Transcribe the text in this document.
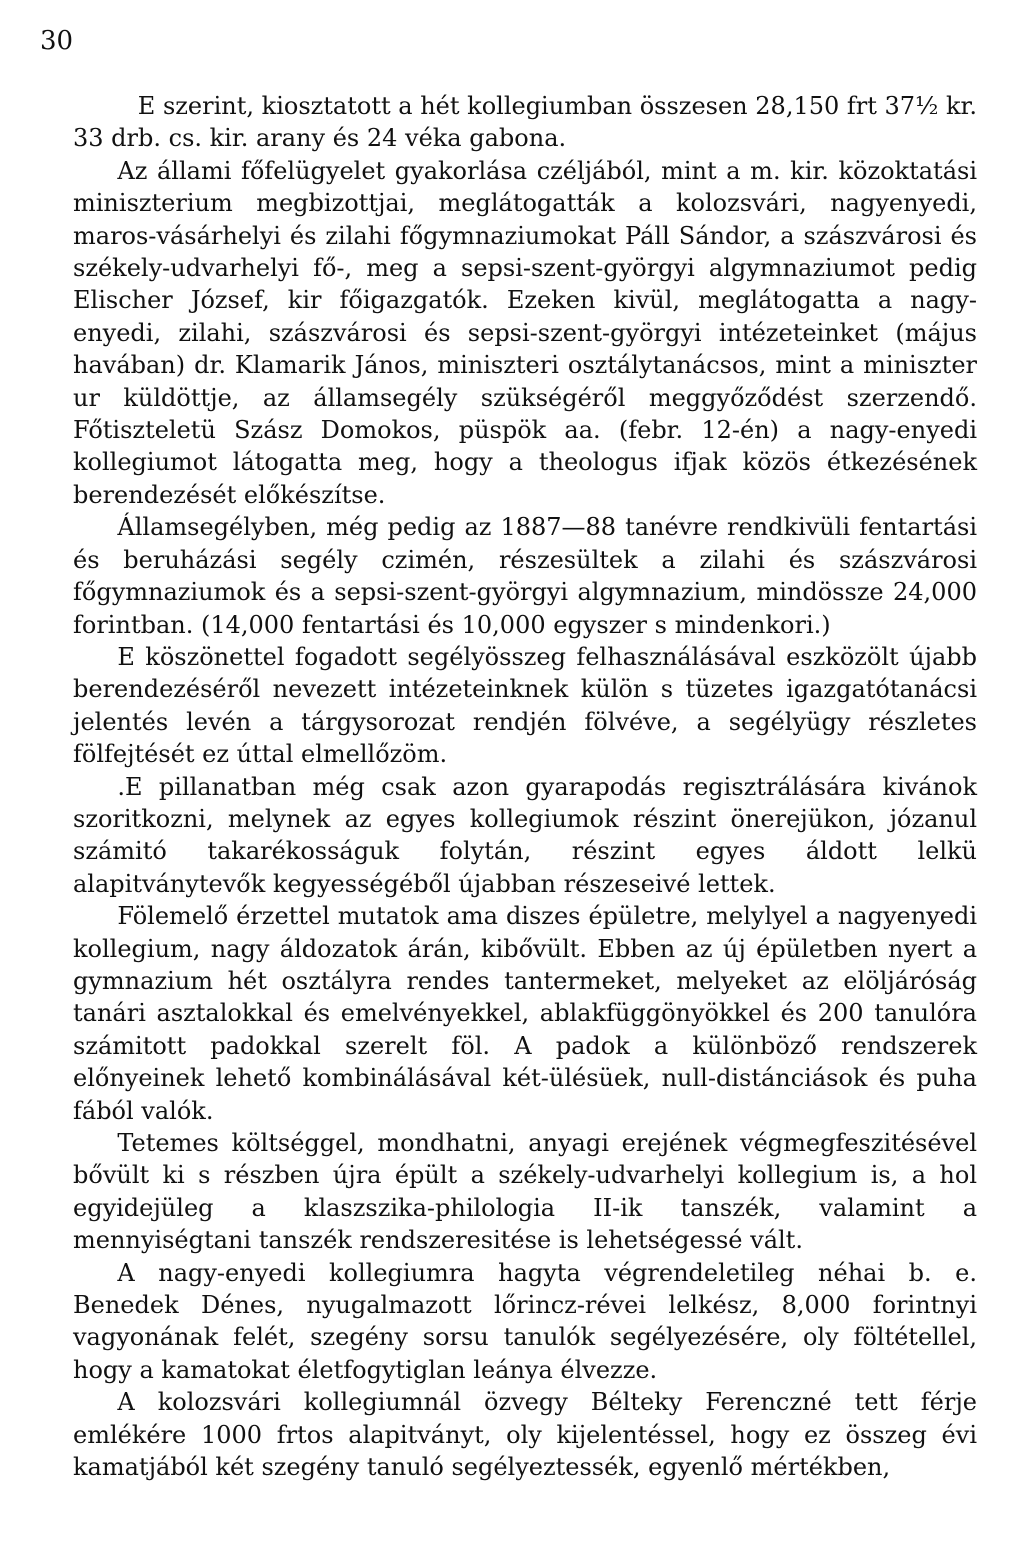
30

E szerint, kiosztatott a hét kollegiumban összesen 28,150 frt 37½ kr. 33 drb. cs. kir. arany és 24 véka gabona.

Az állami főfelügyelet gyakorlása czéljából, mint a m. kir. közoktatási miniszterium megbizottjai, meglátogatták a kolozsvári, nagyenyedi, maros-vásárhelyi és zilahi főgymnaziumokat Páll Sándor, a szászvárosi és székely-udvarhelyi fő-, meg a sepsi-szent-györgyi algymnaziumot pedig Elischer József, kir főigazgatók. Ezeken kivül, meglátogatta a nagy-enyedi, zilahi, szászvárosi és sepsi-szent-györgyi intézeteinket (május havában) dr. Klamarik János, miniszteri osztálytanácsos, mint a miniszter ur küldöttje, az államsegély szükségéről meggyőződést szerzendő. Főtiszteletü Szász Domokos, püspök aa. (febr. 12-én) a nagy-enyedi kollegiumot látogatta meg, hogy a theologus ifjak közös étkezésének berendezését előkészítse.

Államsegélyben, még pedig az 1887—88 tanévre rendkivüli fentartási és beruházási segély czimén, részesültek a zilahi és szászvárosi főgymnaziumok és a sepsi-szent-györgyi algymnazium, mindössze 24,000 forintban. (14,000 fentartási és 10,000 egyszer s mindenkori.)

E köszönettel fogadott segélyösszeg felhasználásával eszközölt újabb berendezéséről nevezett intézeteinknek külön s tüzetes igazgatótanácsi jelentés levén a tárgysorozat rendjén fölvéve, a segélyügy részletes fölfejtését ez úttal elmellőzöm.

.E pillanatban még csak azon gyarapodás regisztrálására kivánok szoritkozni, melynek az egyes kollegiumok részint önerejükon, józanul számitó takarékosságuk folytán, részint egyes áldott lelkü alapitványtevők kegyességéből újabban részeseivé lettek.

Fölemelő érzettel mutatok ama diszes épületre, melylyel a nagyenyedi kollegium, nagy áldozatok árán, kibővült. Ebben az új épületben nyert a gymnazium hét osztályra rendes tantermeket, melyeket az elöljáróság tanári asztalokkal és emelvényekkel, ablakfüggönyökkel és 200 tanulóra számitott padokkal szerelt föl. A padok a különböző rendszerek előnyeinek lehető kombinálásával két-ülésüek, null-distánciások és puha fából valók.

Tetemes költséggel, mondhatni, anyagi erejének végmegfeszitésével bővült ki s részben újra épült a székely-udvarhelyi kollegium is, a hol egyidejüleg a klaszszika-philologia II-ik tanszék, valamint a mennyiségtani tanszék rendszeresitése is lehetségessé vált.

A nagy-enyedi kollegiumra hagyta végrendeletileg néhai b. e. Benedek Dénes, nyugalmazott lőrincz-révei lelkész, 8,000 forintnyi vagyonának felét, szegény sorsu tanulók segélyezésére, oly föltétellel, hogy a kamatokat életfogytiglan leánya élvezze.

A kolozsvári kollegiumnál özvegy Bélteky Ferenczné tett férje emlékére 1000 frtos alapitványt, oly kijelentéssel, hogy ez összeg évi kamatjából két szegény tanuló segélyeztessék, egyenlő mértékben,
